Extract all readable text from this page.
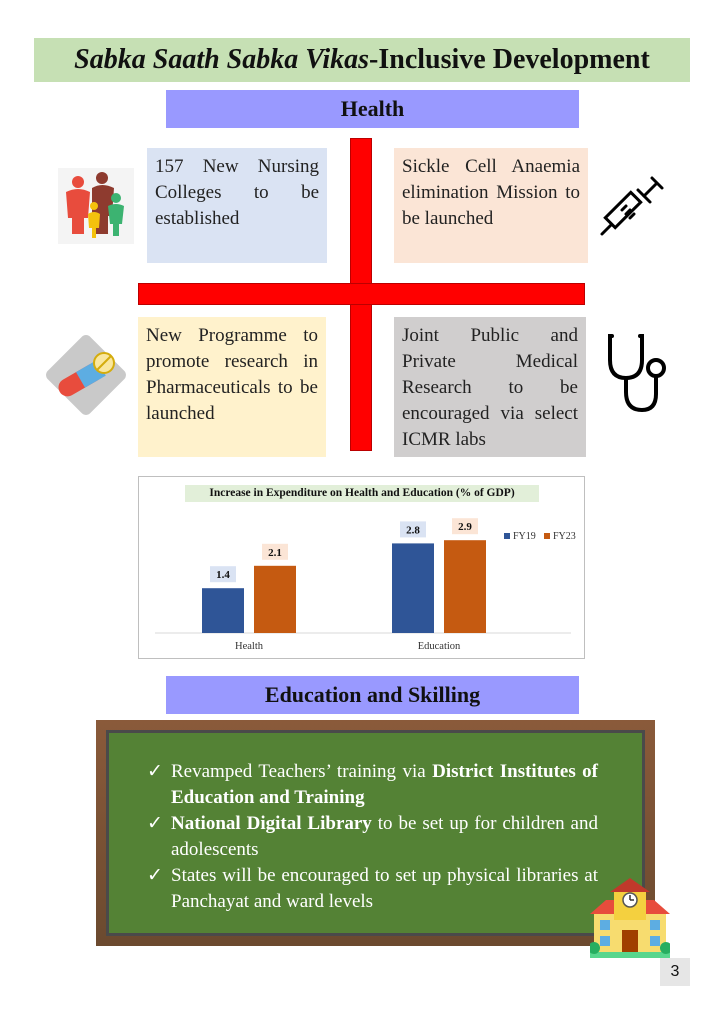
Sabka Saath Sabka Vikas-Inclusive Development
Health
157 New Nursing Colleges to be established
Sickle Cell Anaemia elimination Mission to be launched
New Programme to promote research in Pharmaceuticals to be launched
Joint Public and Private Medical Research to be encouraged via select ICMR labs
Increase in Expenditure on Health and Education (% of GDP)
1.4
2.1
Health
2.8	2.9
Education
FY19 FY23
Education and Skilling
✓ Revamped Teachers’ training via District Institutes of Education and Training
✓ National Digital Library to be set up for children and adolescents
✓ States will be encouraged to set up physical libraries at Panchayat and ward levels
3
